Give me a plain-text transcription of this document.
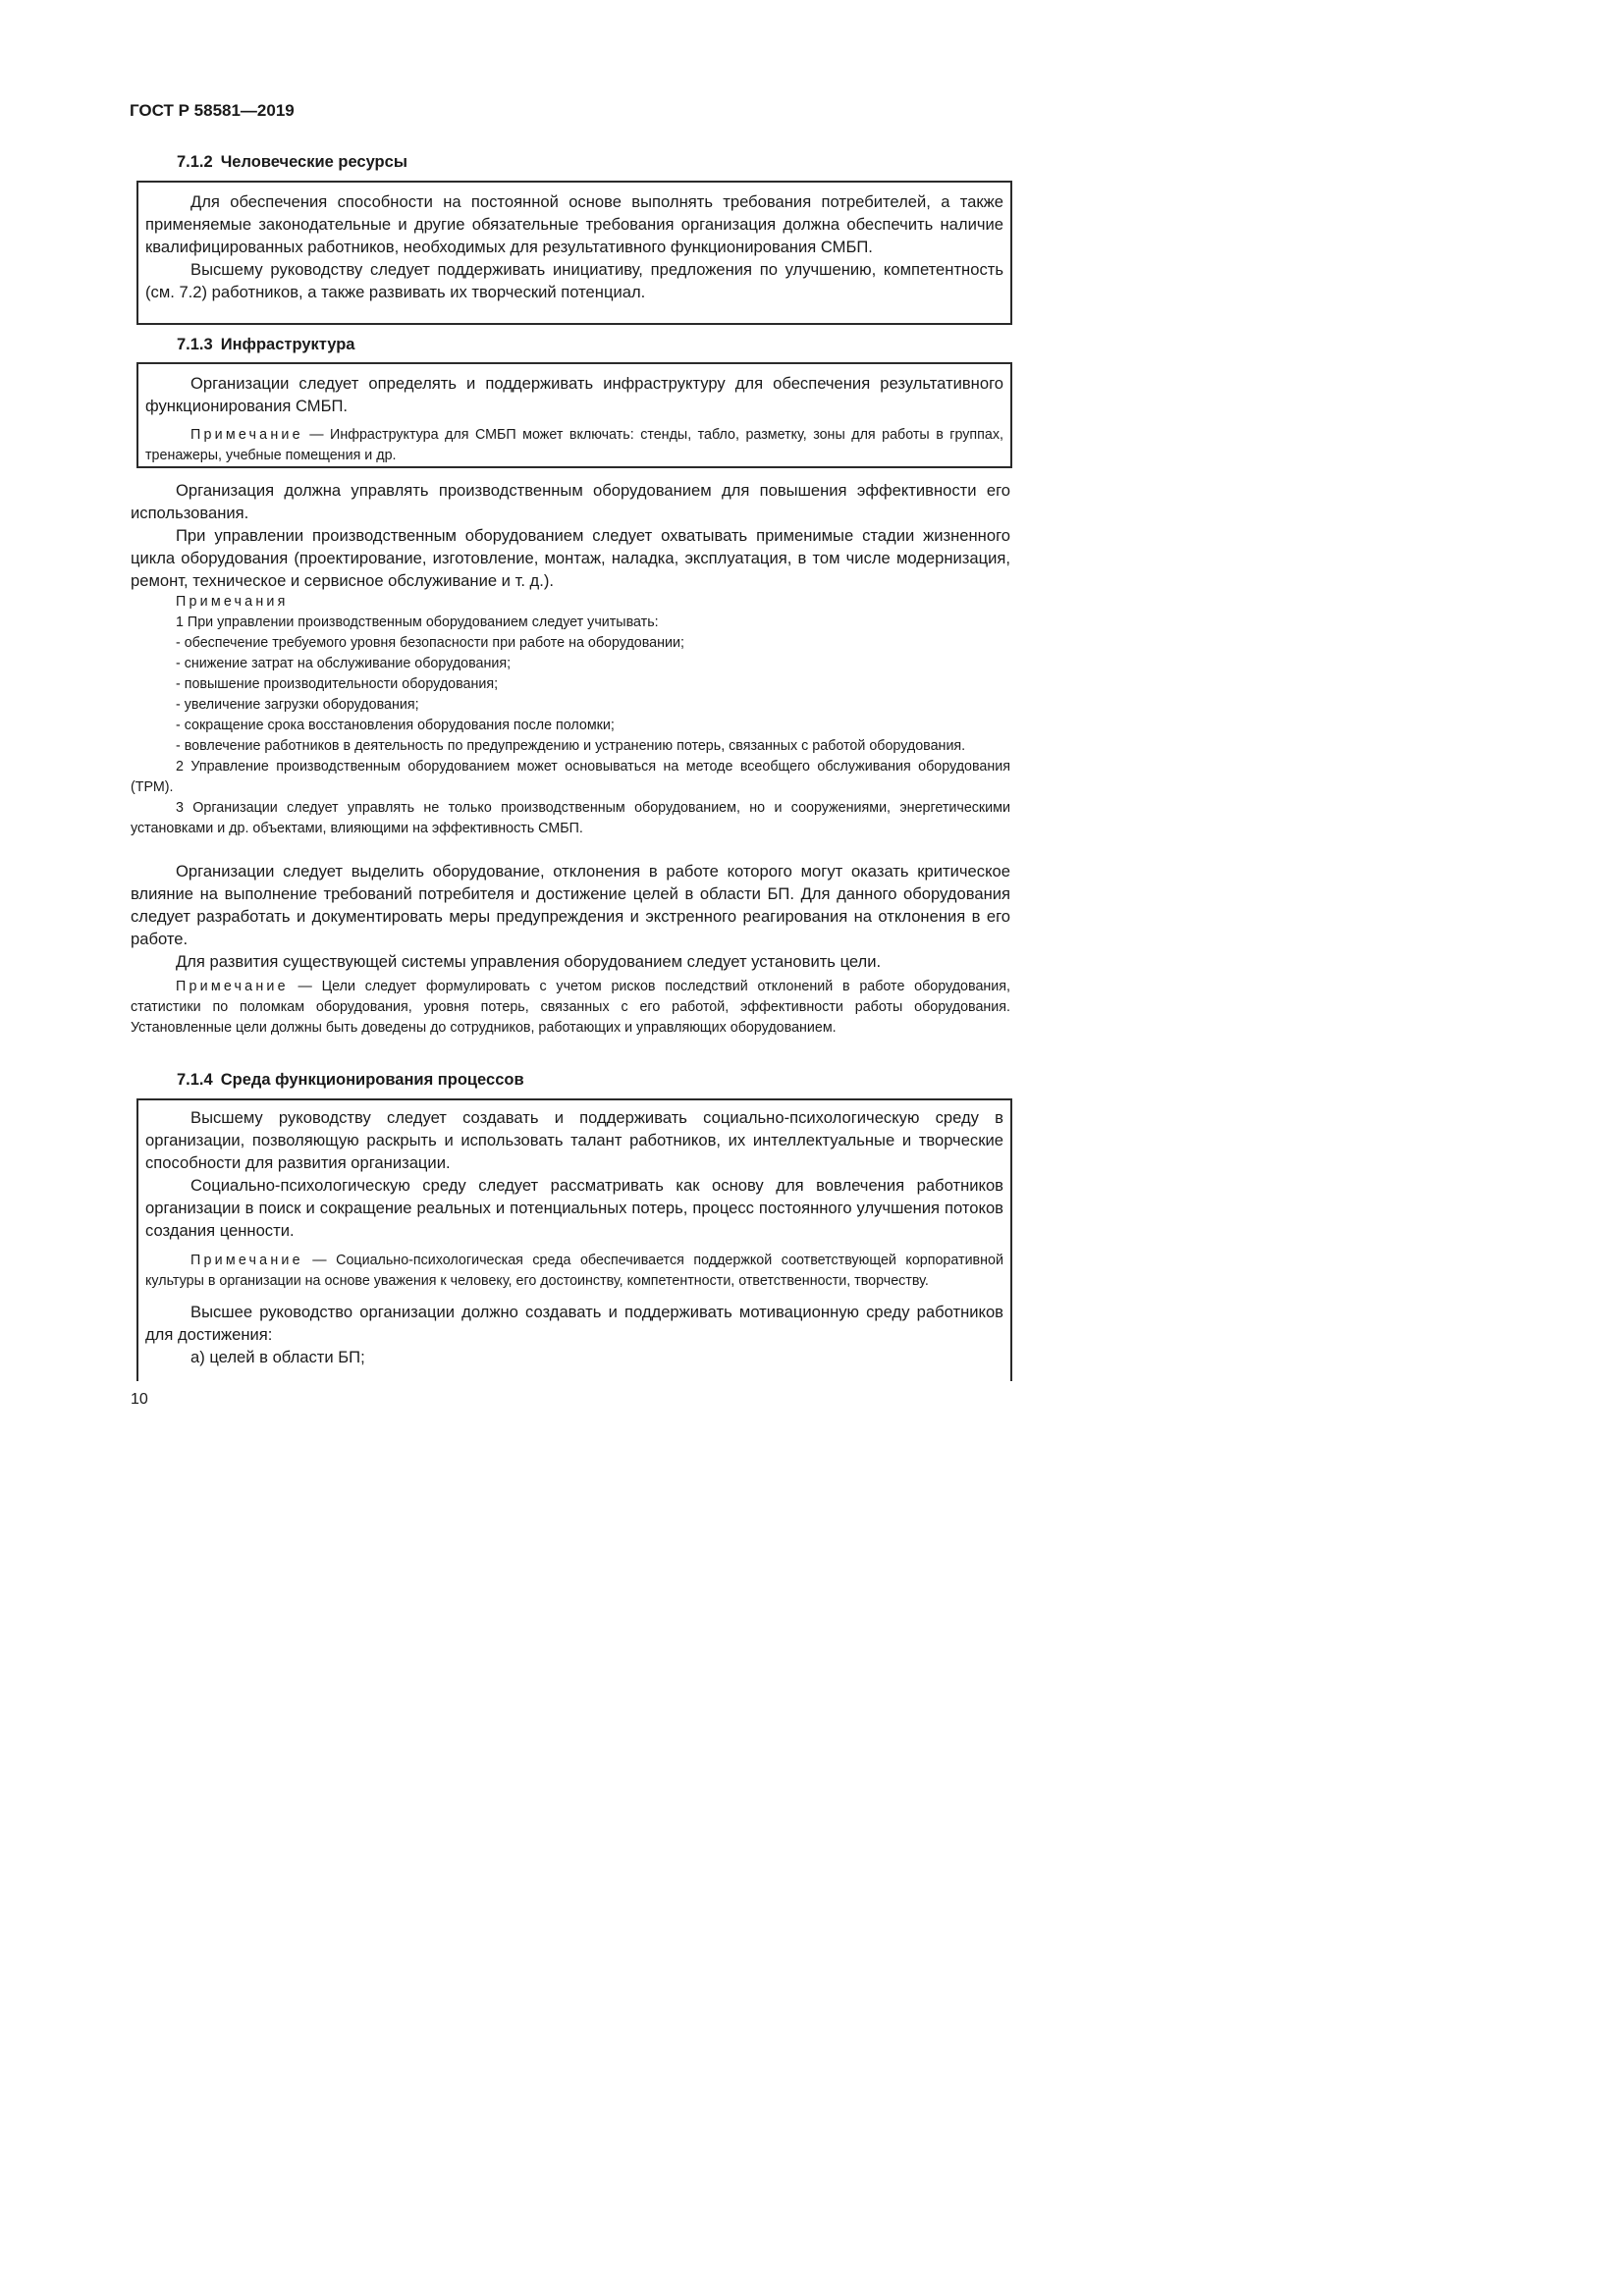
ГОСТ Р 58581—2019
7.1.2 Человеческие ресурсы
Для обеспечения способности на постоянной основе выполнять требования потребителей, а также применяемые законодательные и другие обязательные требования организация должна обеспечить наличие квалифицированных работников, необходимых для результативного функционирования СМБП.
Высшему руководству следует поддерживать инициативу, предложения по улучшению, компетентность (см. 7.2) работников, а также развивать их творческий потенциал.
7.1.3 Инфраструктура
Организации следует определять и поддерживать инфраструктуру для обеспечения результативного функционирования СМБП.
Примечание — Инфраструктура для СМБП может включать: стенды, табло, разметку, зоны для работы в группах, тренажеры, учебные помещения и др.
Организация должна управлять производственным оборудованием для повышения эффективности его использования.
При управлении производственным оборудованием следует охватывать применимые стадии жизненного цикла оборудования (проектирование, изготовление, монтаж, наладка, эксплуатация, в том числе модернизация, ремонт, техническое и сервисное обслуживание и т. д.).
Примечания
1 При управлении производственным оборудованием следует учитывать:
- обеспечение требуемого уровня безопасности при работе на оборудовании;
- снижение затрат на обслуживание оборудования;
- повышение производительности оборудования;
- увеличение загрузки оборудования;
- сокращение срока восстановления оборудования после поломки;
- вовлечение работников в деятельность по предупреждению и устранению потерь, связанных с работой оборудования.
2 Управление производственным оборудованием может основываться на методе всеобщего обслуживания оборудования (ТРМ).
3 Организации следует управлять не только производственным оборудованием, но и сооружениями, энергетическими установками и др. объектами, влияющими на эффективность СМБП.
Организации следует выделить оборудование, отклонения в работе которого могут оказать критическое влияние на выполнение требований потребителя и достижение целей в области БП. Для данного оборудования следует разработать и документировать меры предупреждения и экстренного реагирования на отклонения в его работе.
Для развития существующей системы управления оборудованием следует установить цели.
Примечание — Цели следует формулировать с учетом рисков последствий отклонений в работе оборудования, статистики по поломкам оборудования, уровня потерь, связанных с его работой, эффективности работы оборудования. Установленные цели должны быть доведены до сотрудников, работающих и управляющих оборудованием.
7.1.4 Среда функционирования процессов
Высшему руководству следует создавать и поддерживать социально-психологическую среду в организации, позволяющую раскрыть и использовать талант работников, их интеллектуальные и творческие способности для развития организации.
Социально-психологическую среду следует рассматривать как основу для вовлечения работников организации в поиск и сокращение реальных и потенциальных потерь, процесс постоянного улучшения потоков создания ценности.
Примечание — Социально-психологическая среда обеспечивается поддержкой соответствующей корпоративной культуры в организации на основе уважения к человеку, его достоинству, компетентности, ответственности, творчеству.
Высшее руководство организации должно создавать и поддерживать мотивационную среду работников для достижения:
а) целей в области БП;
10
